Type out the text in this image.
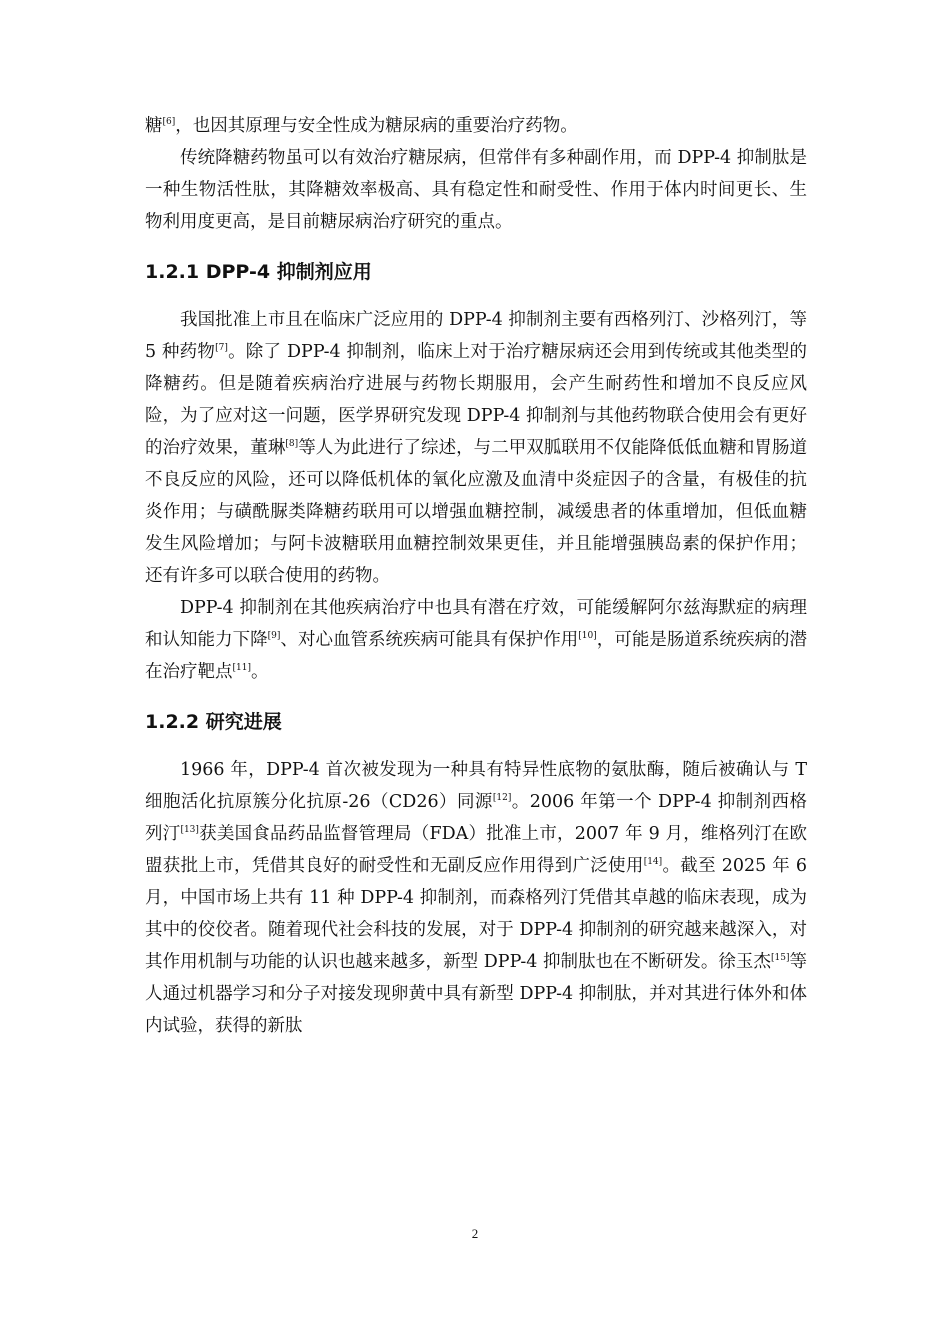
糖[6]，也因其原理与安全性成为糖尿病的重要治疗药物。

传统降糖药物虽可以有效治疗糖尿病，但常伴有多种副作用，而 DPP-4 抑制肽是一种生物活性肽，其降糖效率极高、具有稳定性和耐受性、作用于体内时间更长、生物利用度更高，是目前糖尿病治疗研究的重点。

1.2.1 DPP-4 抑制剂应用

我国批准上市且在临床广泛应用的 DPP-4 抑制剂主要有西格列汀、沙格列汀，等 5 种药物[7]。除了 DPP-4 抑制剂，临床上对于治疗糖尿病还会用到传统或其他类型的降糖药。但是随着疾病治疗进展与药物长期服用，会产生耐药性和增加不良反应风险，为了应对这一问题，医学界研究发现 DPP-4 抑制剂与其他药物联合使用会有更好的治疗效果，董琳[8]等人为此进行了综述，与二甲双胍联用不仅能降低低血糖和胃肠道不良反应的风险，还可以降低机体的氧化应激及血清中炎症因子的含量，有极佳的抗炎作用；与磺酰脲类降糖药联用可以增强血糖控制，减缓患者的体重增加，但低血糖发生风险增加；与阿卡波糖联用血糖控制效果更佳，并且能增强胰岛素的保护作用；还有许多可以联合使用的药物。

DPP-4 抑制剂在其他疾病治疗中也具有潜在疗效，可能缓解阿尔兹海默症的病理和认知能力下降[9]、对心血管系统疾病可能具有保护作用[10]，可能是肠道系统疾病的潜在治疗靶点[11]。

1.2.2 研究进展

1966 年，DPP-4 首次被发现为一种具有特异性底物的氨肽酶，随后被确认与 T 细胞活化抗原簇分化抗原-26（CD26）同源[12]。2006 年第一个 DPP-4 抑制剂西格列汀[13]获美国食品药品监督管理局（FDA）批准上市，2007 年 9 月，维格列汀在欧盟获批上市，凭借其良好的耐受性和无副反应作用得到广泛使用[14]。截至 2025 年 6 月，中国市场上共有 11 种 DPP-4 抑制剂，而森格列汀凭借其卓越的临床表现，成为其中的佼佼者。随着现代社会科技的发展，对于 DPP-4 抑制剂的研究越来越深入，对其作用机制与功能的认识也越来越多，新型 DPP-4 抑制肽也在不断研发。徐玉杰[15]等人通过机器学习和分子对接发现卵黄中具有新型 DPP-4 抑制肽，并对其进行体外和体内试验，获得的新肽

2
